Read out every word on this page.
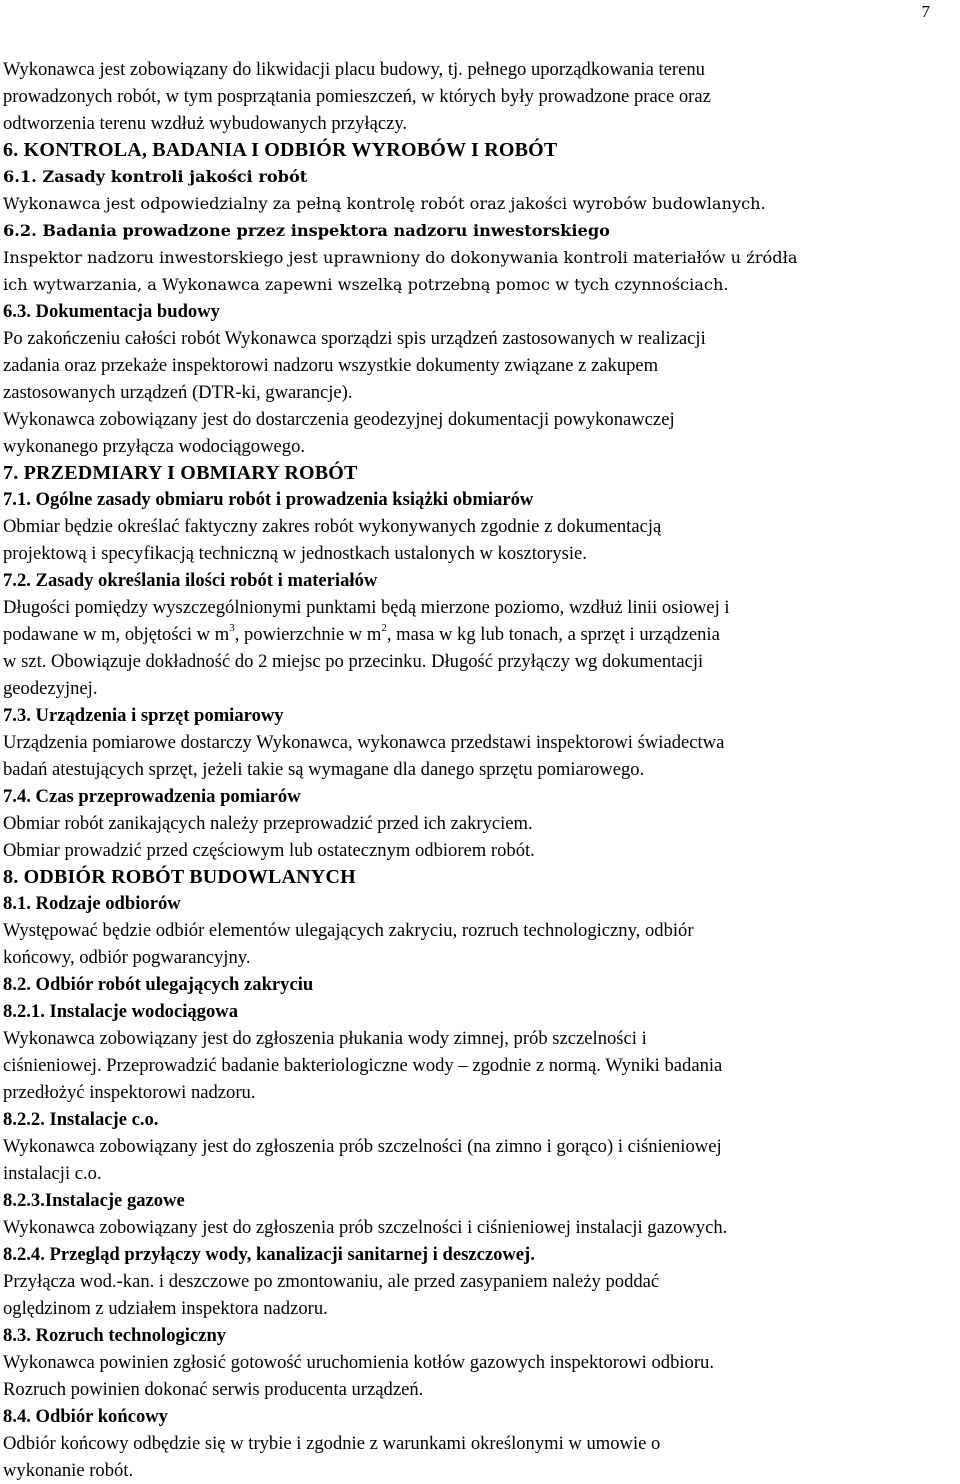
7
Wykonawca jest zobowiązany do likwidacji placu budowy, tj. pełnego uporządkowania terenu
prowadzonych robót, w tym posprzątania pomieszczeń, w których były prowadzone prace oraz
odtworzenia terenu wzdłuż wybudowanych przyłączy.
6. KONTROLA, BADANIA I ODBIÓR WYROBÓW I ROBÓT
6.1. Zasady kontroli jakości robót
Wykonawca jest odpowiedzialny za pełną kontrolę robót oraz jakości wyrobów budowlanych.
6.2. Badania prowadzone przez inspektora nadzoru inwestorskiego
Inspektor nadzoru inwestorskiego jest uprawniony do dokonywania kontroli materiałów u źródła
ich wytwarzania, a Wykonawca zapewni wszelką potrzebną pomoc w tych czynnościach.
6.3. Dokumentacja budowy
Po zakończeniu całości robót Wykonawca sporządzi spis urządzeń zastosowanych w realizacji
zadania oraz przekaże inspektorowi nadzoru wszystkie dokumenty związane z zakupem
zastosowanych urządzeń (DTR-ki, gwarancje).
Wykonawca zobowiązany jest do dostarczenia geodezyjnej dokumentacji powykonawczej
wykonanego przyłącza wodociągowego.
7. PRZEDMIARY I OBMIARY ROBÓT
7.1. Ogólne zasady obmiaru robót i prowadzenia książki obmiarów
Obmiar będzie określać faktyczny zakres robót wykonywanych zgodnie z dokumentacją
projektową i specyfikacją techniczną w jednostkach ustalonych w kosztorysie.
7.2. Zasady określania ilości robót i materiałów
Długości pomiędzy wyszczególnionymi punktami będą mierzone poziomo, wzdłuż linii osiowej i
podawane w m, objętości w $m^3$, powierzchnie w $m^2$, masa w kg lub tonach, a sprzęt i urządzenia
w szt. Obowiązuje dokładność do 2 miejsc po przecinku. Długość przyłączy wg dokumentacji
geodezyjnej.
7.3. Urządzenia i sprzęt pomiarowy
Urządzenia pomiarowe dostarczy Wykonawca, wykonawca przedstawi inspektorowi świadectwa
badań atestujących sprzęt, jeżeli takie są wymagane dla danego sprzętu pomiarowego.
7.4. Czas przeprowadzenia pomiarów
Obmiar robót zanikających należy przeprowadzić przed ich zakryciem.
Obmiar prowadzić przed częściowym lub ostatecznym odbiorem robót.
8. ODBIÓR ROBÓT BUDOWLANYCH
8.1. Rodzaje odbiorów
Występować będzie odbiór elementów ulegających zakryciu, rozruch technologiczny, odbiór
końcowy, odbiór pogwarancyjny.
8.2. Odbiór robót ulegających zakryciu
8.2.1. Instalacje wodociągowa
Wykonawca zobowiązany jest do zgłoszenia płukania wody zimnej, prób szczelności i
ciśnieniowej. Przeprowadzić badanie bakteriologiczne wody – zgodnie z normą. Wyniki badania
przedłożyć inspektorowi nadzoru.
8.2.2. Instalacje c.o.
Wykonawca zobowiązany jest do zgłoszenia prób szczelności (na zimno i gorąco) i ciśnieniowej
instalacji c.o.
8.2.3.Instalacje gazowe
Wykonawca zobowiązany jest do zgłoszenia prób szczelności i ciśnieniowej instalacji gazowych.
8.2.4. Przegląd przyłączy wody, kanalizacji sanitarnej i deszczowej.
Przyłącza wod.-kan. i deszczowe po zmontowaniu, ale przed zasypaniem należy poddać
oględzinom z udziałem inspektora nadzoru.
8.3. Rozruch technologiczny
Wykonawca powinien zgłosić gotowość uruchomienia kotłów gazowych inspektorowi odbioru.
Rozruch powinien dokonać serwis producenta urządzeń.
8.4. Odbiór końcowy
Odbiór końcowy odbędzie się w trybie i zgodnie z warunkami określonymi w umowie o
wykonanie robót.
